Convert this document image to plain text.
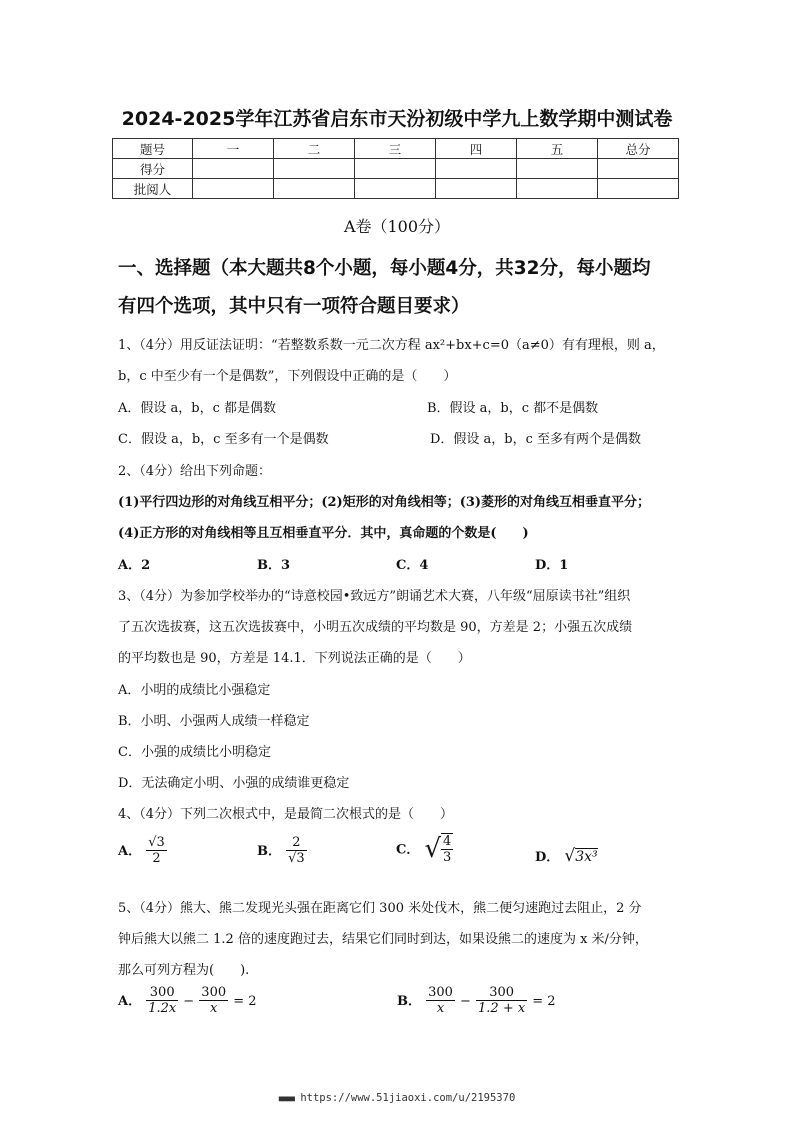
2024-2025学年江苏省启东市天汾初级中学九上数学期中测试卷
题号	一	二	三	四	五	总分
得分						
批阅人						
A卷（100分）
一、选择题（本大题共8个小题，每小题4分，共32分，每小题均
有四个选项，其中只有一项符合题目要求）
1、（4分）用反证法证明：“若整数系数一元二次方程 ax²+bx+c=0（a≠0）有有理根，则 a，
b，c 中至少有一个是偶数”，下列假设中正确的是（　　）
A．假设 a，b，c 都是偶数	B．假设 a，b，c 都不是偶数
C．假设 a，b，c 至多有一个是偶数	D．假设 a，b，c 至多有两个是偶数
2、（4分）给出下列命题：
(1)平行四边形的对角线互相平分；(2)矩形的对角线相等；(3)菱形的对角线互相垂直平分；
(4)正方形的对角线相等且互相垂直平分．其中，真命题的个数是(　　)
A．2	B．3	C．4	D．1
3、（4分）为参加学校举办的“诗意校园•致远方”朗诵艺术大赛，八年级“屈原读书社”组织
了五次选拔赛，这五次选拔赛中，小明五次成绩的平均数是 90，方差是 2；小强五次成绩
的平均数也是 90，方差是 14.1．下列说法正确的是（　　）
A．小明的成绩比小强稳定
B．小明、小强两人成绩一样稳定
C．小强的成绩比小明稳定
D．无法确定小明、小强的成绩谁更稳定
4、（4分）下列二次根式中，是最简二次根式的是（　　）
A． $\frac{√3}{2}$	B． $\frac{2}{√3}$	C． √ $\frac{4}{3}$	D． √3x³
5、（4分）熊大、熊二发现光头强在距离它们 300 米处伐木，熊二便匀速跑过去阻止，2 分
钟后熊大以熊二 1.2 倍的速度跑过去，结果它们同时到达，如果设熊二的速度为 x 米/分钟，
那么可列方程为(　　).
A． $\frac{300}{1.2x} - \frac{300}{x} = 2$	B． $\frac{300}{x} - \frac{300}{1.2 + x} = 2$
■■■■ https://www.51jiaoxi.com/u/2195370
